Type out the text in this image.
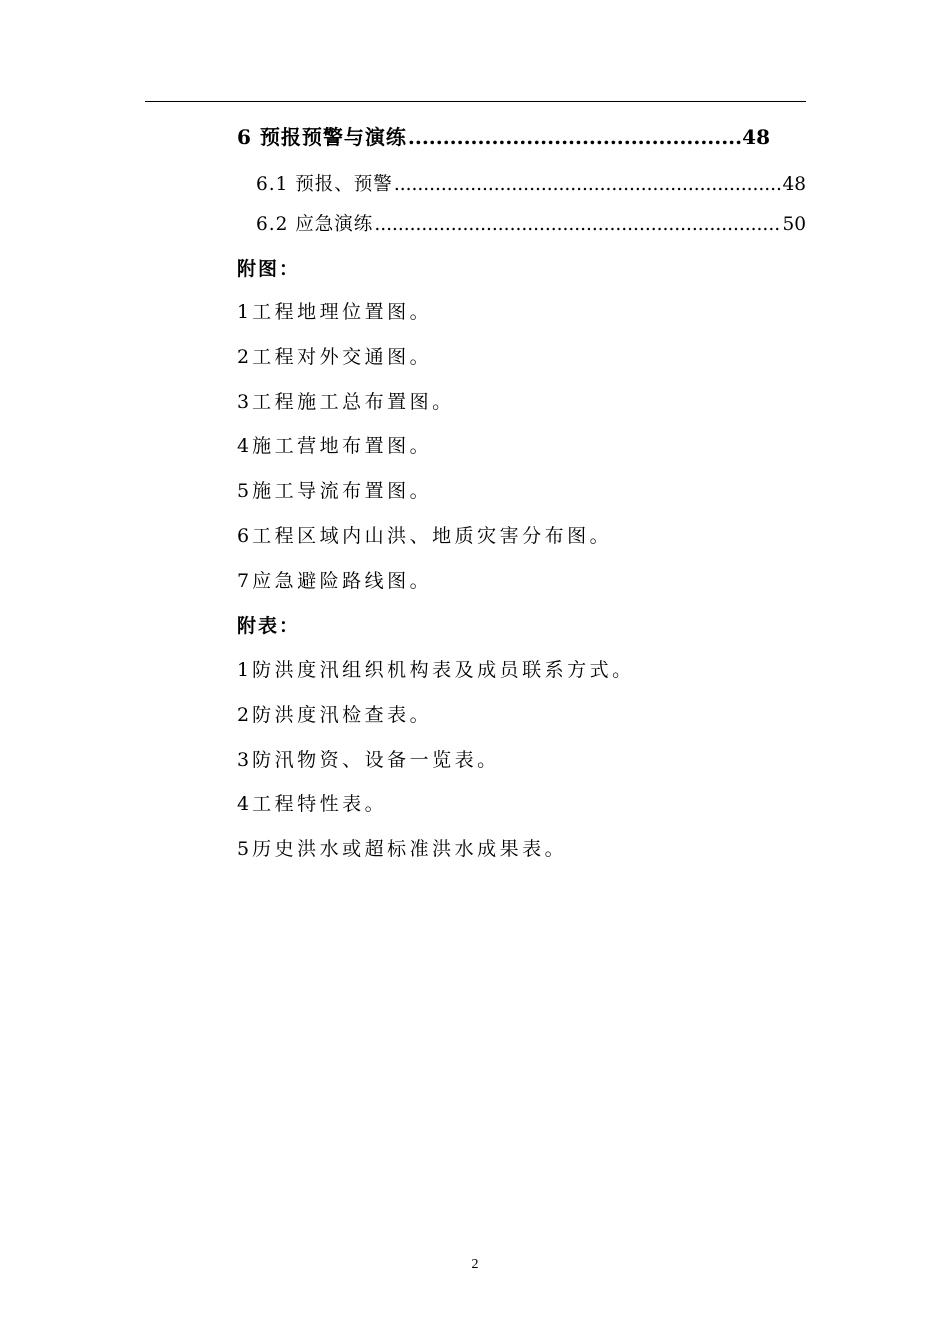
6 预报预警与演练 .....	48
6.1 预报、预警 .....	48
6.2 应急演练 .....	50
附图：
1 工程地理位置图。
2 工程对外交通图。
3 工程施工总布置图。
4 施工营地布置图。
5 施工导流布置图。
6 工程区域内山洪、地质灾害分布图。
7 应急避险路线图。
附表：
1 防洪度汛组织机构表及成员联系方式。
2 防洪度汛检查表。
3 防汛物资、设备一览表。
4 工程特性表。
5 历史洪水或超标准洪水成果表。
2
